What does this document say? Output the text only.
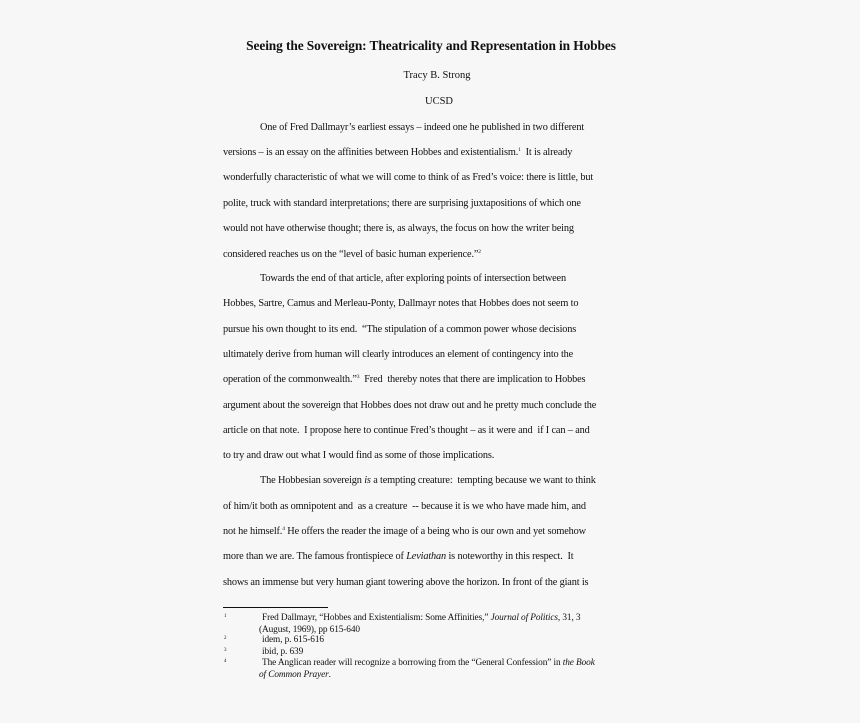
Seeing the Sovereign: Theatricality and Representation in Hobbes
Tracy B. Strong
UCSD
One of Fred Dallmayr’s earliest essays – indeed one he published in two different
versions – is an essay on the affinities between Hobbes and existentialism.$^1$  It is already
wonderfully characteristic of what we will come to think of as Fred’s voice: there is little, but
polite, truck with standard interpretations; there are surprising juxtapositions of which one
would not have otherwise thought; there is, as always, the focus on how the writer being
considered reaches us on the “level of basic human experience.”$^2$
Towards the end of that article, after exploring points of intersection between
Hobbes, Sartre, Camus and Merleau-Ponty, Dallmayr notes that Hobbes does not seem to
pursue his own thought to its end.  “The stipulation of a common power whose decisions
ultimately derive from human will clearly introduces an element of contingency into the
operation of the commonwealth.”$^3$  Fred  thereby notes that there are implication to Hobbes
argument about the sovereign that Hobbes does not draw out and he pretty much conclude the
article on that note.  I propose here to continue Fred’s thought – as it were and  if I can – and
to try and draw out what I would find as some of those implications.
The Hobbesian sovereign is a tempting creature:  tempting because we want to think
of him/it both as omnipotent and  as a creature  -- because it is we who have made him, and
not he himself.$^4$ He offers the reader the image of a being who is our own and yet somehow
more than we are. The famous frontispiece of Leviathan is noteworthy in this respect.  It
shows an immense but very human giant towering above the horizon. In front of the giant is
1	Fred Dallmayr, “Hobbes and Existentialism: Some Affinities,” Journal of Politics, 31, 3
(August, 1969), pp 615-640
2	idem, p. 615-616
3	ibid, p. 639
4	The Anglican reader will recognize a borrowing from the “General Confession” in the Book
of Common Prayer.
